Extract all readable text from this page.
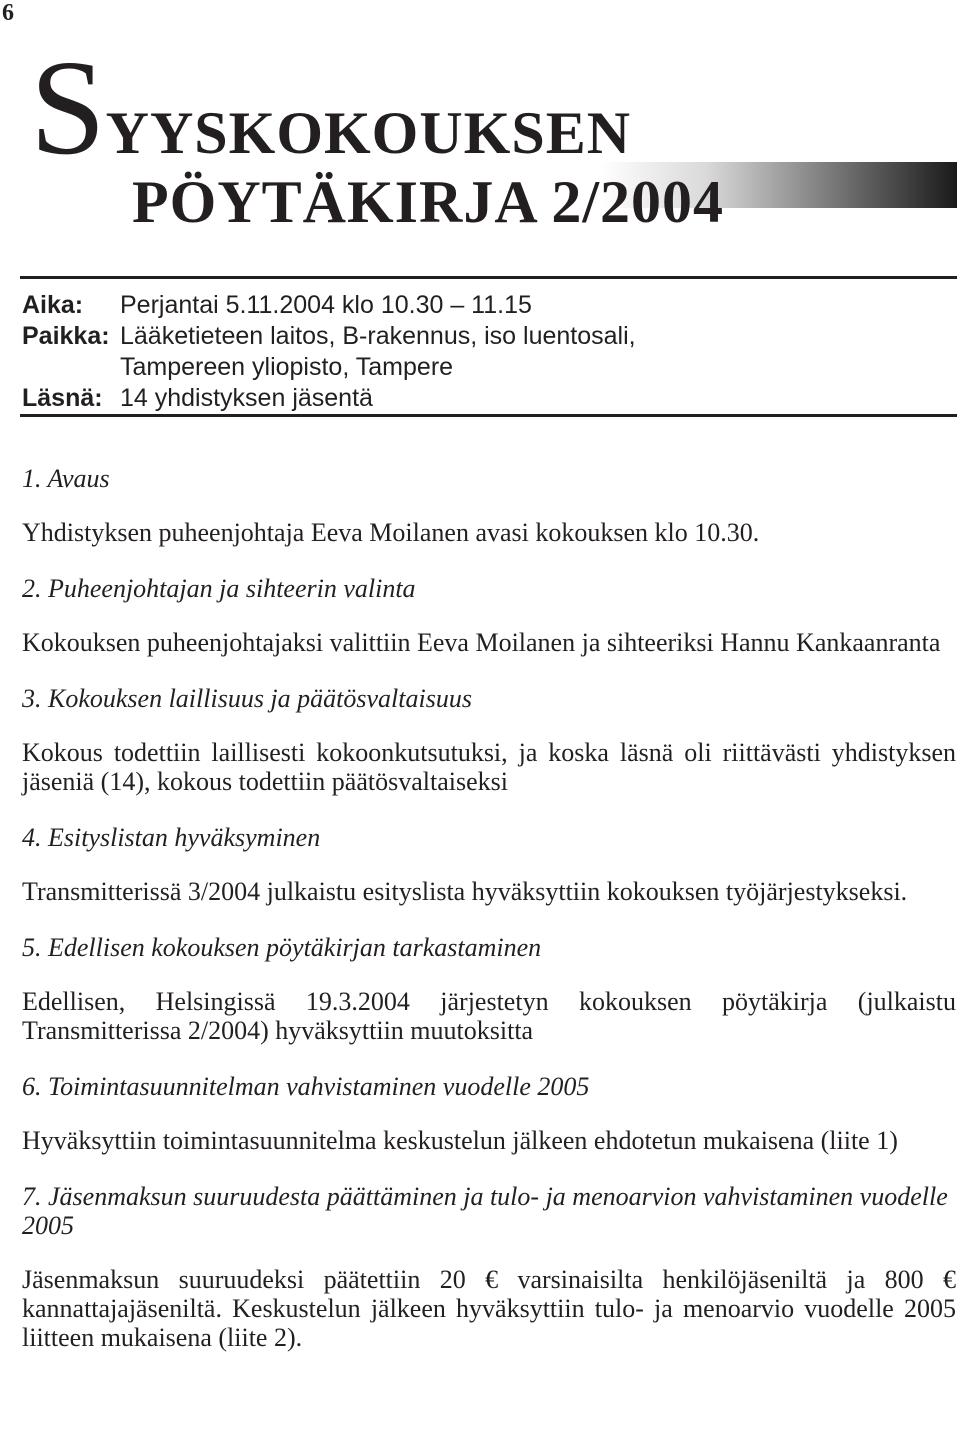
6
SYYSKOKOUKSEN
PÖYTÄKIRJA 2/2004
Aika:	Perjantai 5.11.2004 klo 10.30 – 11.15
Paikka: Lääketieteen laitos, B-rakennus, iso luentosali,
Tampereen yliopisto, Tampere
Läsnä: 14 yhdistyksen jäsentä
1. Avaus
Yhdistyksen puheenjohtaja Eeva Moilanen avasi kokouksen klo 10.30.
2. Puheenjohtajan ja sihteerin valinta
Kokouksen puheenjohtajaksi valittiin Eeva Moilanen ja sihteeriksi Hannu Kankaanranta
3. Kokouksen laillisuus ja päätösvaltaisuus
Kokous todettiin laillisesti kokoonkutsutuksi, ja koska läsnä oli riittävästi yhdistyksen jäseniä (14), kokous todettiin päätösvaltaiseksi
4. Esityslistan hyväksyminen
Transmitterissä 3/2004 julkaistu esityslista hyväksyttiin kokouksen työjärjestykseksi.
5. Edellisen kokouksen pöytäkirjan tarkastaminen
Edellisen, Helsingissä 19.3.2004 järjestetyn kokouksen pöytäkirja (julkaistu Transmitterissa 2/2004) hyväksyttiin muutoksitta
6. Toimintasuunnitelman vahvistaminen vuodelle 2005
Hyväksyttiin toimintasuunnitelma keskustelun jälkeen ehdotetun mukaisena (liite 1)
7. Jäsenmaksun suuruudesta päättäminen ja tulo- ja menoarvion vahvistaminen vuodelle 2005
Jäsenmaksun suuruudeksi päätettiin 20 € varsinaisilta henkilöjäseniltä ja 800 € kannattajajäseniltä. Keskustelun jälkeen hyväksyttiin tulo- ja menoarvio vuodelle 2005 liitteen mukaisena (liite 2).
